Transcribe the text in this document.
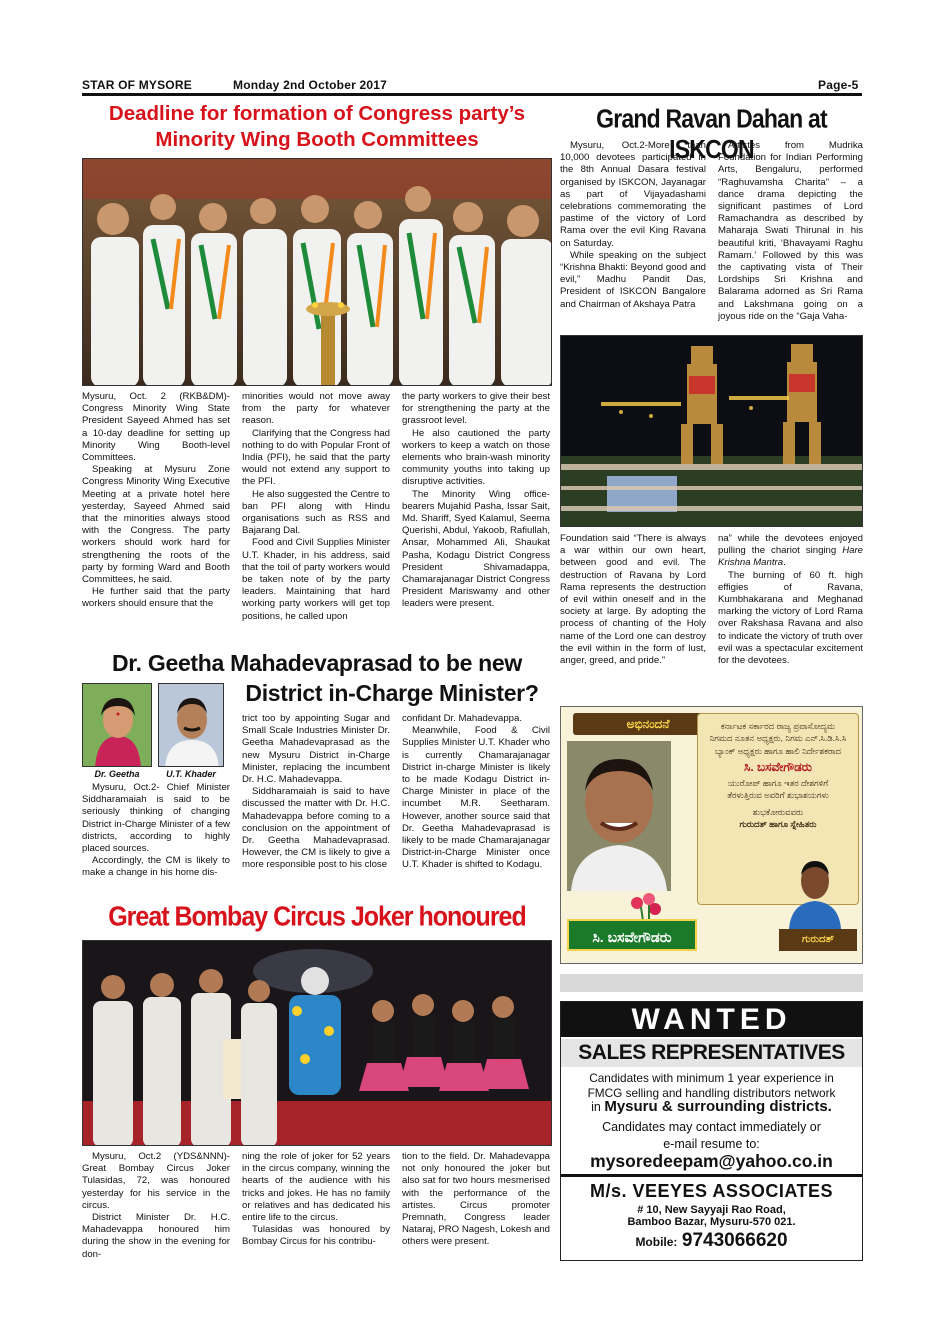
STAR OF MYSORE	Monday 2nd October 2017	Page-5
Deadline for formation of Congress party’s
Minority Wing Booth Committees

Mysuru, Oct. 2 (RKB&DM)- Congress Minority Wing State President Sayeed Ahmed has set a 10-day deadline for setting up Minority Wing Booth-level Committees.

Speaking at Mysuru Zone Congress Minority Wing Executive Meeting at a private hotel here yesterday, Sayeed Ahmed said that the minorities always stood with the Congress. The party workers should work hard for strengthening the roots of the party by forming Ward and Booth Committees, he said.

He further said that the party workers should ensure that the

minorities would not move away from the party for whatever reason.

Clarifying that the Congress had nothing to do with Popular Front of India (PFI), he said that the party would not extend any support to the PFI.

He also suggested the Centre to ban PFI along with Hindu organisations such as RSS and Bajarang Dal.

Food and Civil Supplies Minister U.T. Khader, in his address, said that the toil of party workers would be taken note of by the party leaders. Maintaining that hard working party workers will get top positions, he called upon

the party workers to give their best for strengthening the party at the grassroot level.

He also cautioned the party workers to keep a watch on those elements who brain-wash minority community youths into taking up disruptive activities.

The Minority Wing office-bearers Mujahid Pasha, Issar Sait, Md. Shariff, Syed Kalamul, Seema Querishi, Abdul, Yakoob, Rafiullah, Ansar, Mohammed Ali, Shaukat Pasha, Kodagu District Congress President Shivamadappa, Chamarajanagar District Congress President Mariswamy and other leaders were present.

Grand Ravan Dahan at ISKCON

Mysuru, Oct.2-More than 10,000 devotees participated in the 8th Annual Dasara festival organised by ISKCON, Jayanagar as part of Vijayadashami celebrations commemorating the pastime of the victory of Lord Rama over the evil King Ravana on Saturday.

While speaking on the subject “Krishna Bhakti: Beyond good and evil,” Madhu Pandit Das, President of ISKCON Bangalore and Chairman of Akshaya Patra

Artistes from Mudrika Foundation for Indian Performing Arts, Bengaluru, performed “Raghuvamsha Charita” – a dance drama depicting the significant pastimes of Lord Ramachandra as described by Maharaja Swati Thirunal in his beautiful kriti, ‘Bhavayami Raghu Ramam.’ Followed by this was the captivating vista of Their Lordships Sri Krishna and Balarama adorned as Sri Rama and Lakshmana going on a joyous ride on the “Gaja Vaha-

Foundation said “There is always a war within our own heart, between good and evil. The destruction of Ravana by Lord Rama represents the destruction of evil within oneself and in the society at large. By adopting the process of chanting of the Holy name of the Lord one can destroy the evil within in the form of lust, anger, greed, and pride.”

na” while the devotees enjoyed pulling the chariot singing Hare Krishna Mantra.

The burning of 60 ft. high effigies of Ravana, Kumbhakarana and Meghanad marking the victory of Lord Rama over Rakshasa Ravana and also to indicate the victory of truth over evil was a spectacular excitement for the devotees.

Dr. Geetha Mahadevaprasad to be new
District in-Charge Minister?
Dr. Geetha	U.T. Khader

Mysuru, Oct.2- Chief Minister Siddharamaiah is said to be seriously thinking of changing District in-Charge Minister of a few districts, according to highly placed sources.

Accordingly, the CM is likely to make a change in his home dis-

trict too by appointing Sugar and Small Scale Industries Minister Dr. Geetha Mahadevaprasad as the new Mysuru District in-Charge Minister, replacing the incumbent Dr. H.C. Mahadevappa.

Siddharamaiah is said to have discussed the matter with Dr. H.C. Mahadevappa before coming to a conclusion on the appointment of Dr. Geetha Mahadevaprasad. However, the CM is likely to give a more responsible post to his close

confidant Dr. Mahadevappa.

Meanwhile, Food & Civil Supplies Minister U.T. Khader who is currently Chamarajanagar District in-charge Minister is likely to be made Kodagu District in-Charge Minister in place of the incumbet M.R. Seetharam. However, another source said that Dr. Geetha Mahadevaprasad is likely to be made Chamarajanagar District-in-Charge Minister once U.T. Khader is shifted to Kodagu.

Great Bombay Circus Joker honoured

Mysuru, Oct.2 (YDS&NNN)- Great Bombay Circus Joker Tulasidas, 72, was honoured yesterday for his service in the circus.

District Minister Dr. H.C. Mahadevappa honoured him during the show in the evening for don-

ning the role of joker for 52 years in the circus company, winning the hearts of the audience with his tricks and jokes. He has no family or relatives and has dedicated his entire life to the circus.

Tulasidas was honoured by Bombay Circus for his contribu-

tion to the field. Dr. Mahadevappa not only honoured the joker but also sat for two hours mesmerised with the performance of the artistes. Circus promoter Premnath, Congress leader Nataraj, PRO Nagesh, Lokesh and others were present.

ಅಭಿನಂದನೆ	ಕರ್ನಾಟಕ ಸರ್ಕಾರದ ರಾಜ್ಯ ಪ್ರವಾಸೋದ್ಯಮ
ನಿಗಮದ ನೂತನ ಅಧ್ಯಕ್ಷರು, ನಿಗಮ ಎನ್.ಸಿ.ಡಿ.ಸಿ.ಸಿ
ಬ್ಯಾಂಕ್ ಅಧ್ಯಕ್ಷರು ಹಾಗೂ ಹಾಲಿ ನಿರ್ದೇಶಕರಾದ
ಸಿ. ಬಸವೇಗೌಡರು
ಯುರೋಪ್ ಹಾಗೂ ಇತರ ದೇಶಗಳಿಗೆ
ತೆರಳುತ್ತಿರುವ ಅವರಿಗೆ ಶುಭಾಶಯಗಳು
ಶುಭಕೋರುವವರು
ಗುರುದತ್ ಹಾಗೂ ಸ್ನೇಹಿತರು
ಸಿ. ಬಸವೇಗೌಡರು	ಗುರುದತ್
WANTED
SALES REPRESENTATIVES
Candidates with minimum 1 year experience in
FMCG selling and handling distributors network
in Mysuru & surrounding districts.
Candidates may contact immediately or
e-mail resume to:
mysoredeepam@yahoo.co.in
M/s. VEEYES ASSOCIATES
# 10, New Sayyaji Rao Road,
Bamboo Bazar, Mysuru-570 021.
Mobile: 9743066620
